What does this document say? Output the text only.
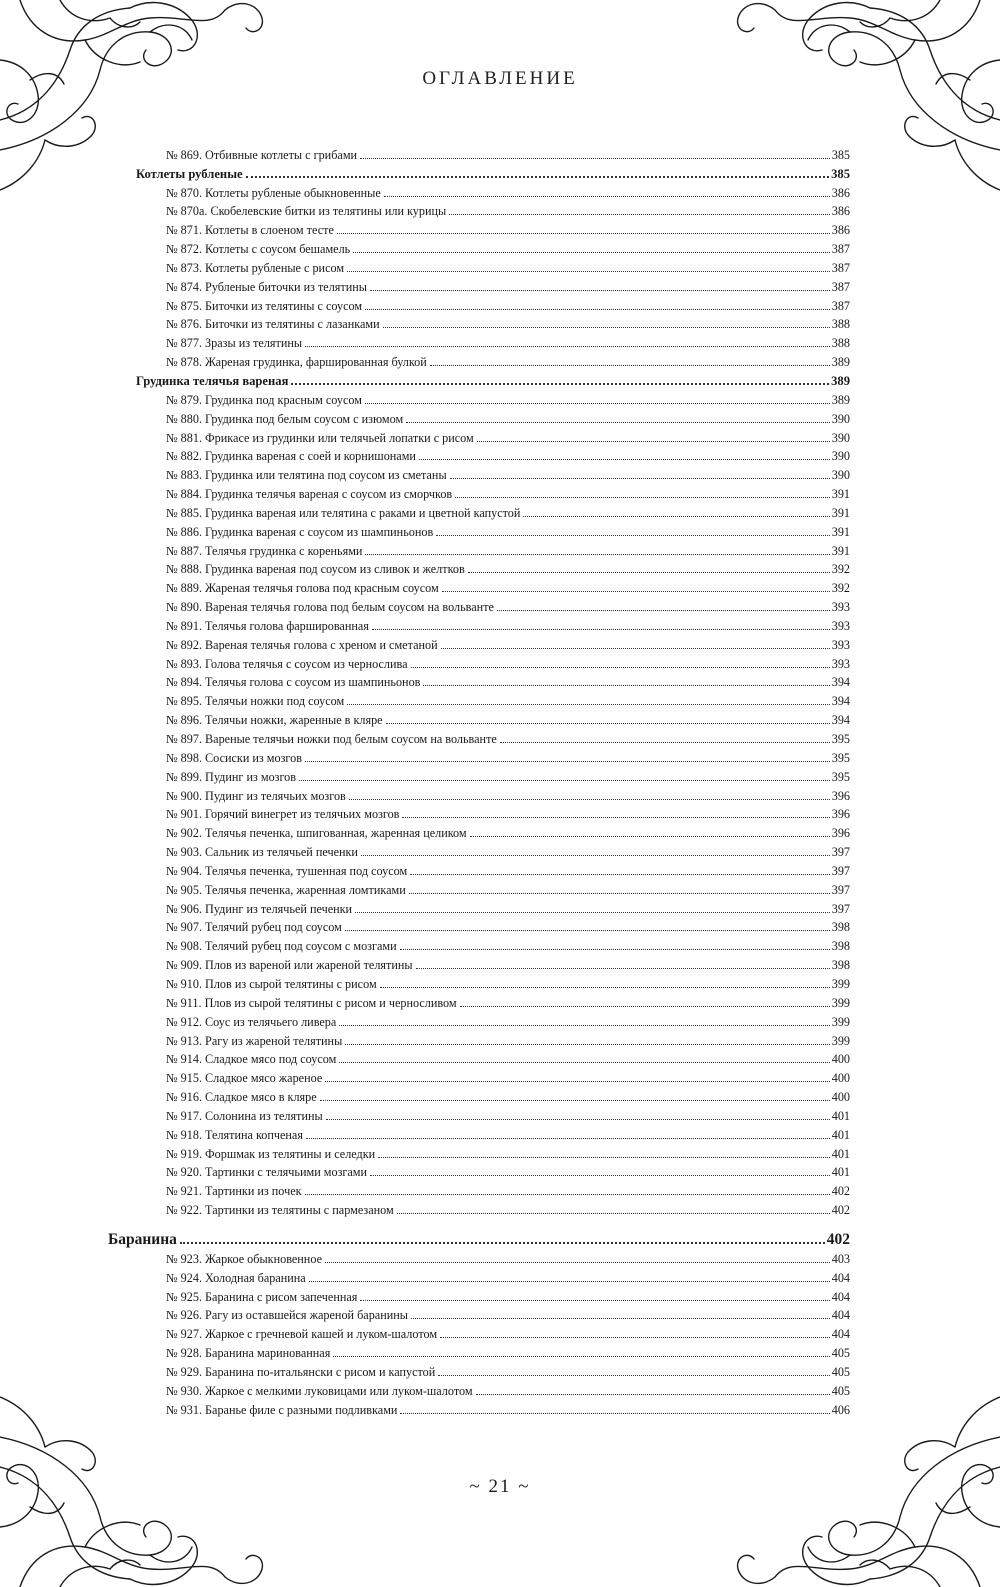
ОГЛАВЛЕНИЕ
№ 869. Отбивные котлеты с грибами	385
Котлеты рубленые	385
№ 870. Котлеты рубленые обыкновенные	386
№ 870а. Скобелевские битки из телятины или курицы	386
№ 871. Котлеты в слоеном тесте	386
№ 872. Котлеты с соусом бешамель	387
№ 873. Котлеты рубленые с рисом	387
№ 874. Рубленые биточки из телятины	387
№ 875. Биточки из телятины с соусом	387
№ 876. Биточки из телятины с лазанками	388
№ 877. Зразы из телятины	388
№ 878. Жареная грудинка, фаршированная булкой	389
Грудинка телячья вареная	389
№ 879. Грудинка под красным соусом	389
№ 880. Грудинка под белым соусом с изюмом	390
№ 881. Фрикасе из грудинки или телячьей лопатки с рисом	390
№ 882. Грудинка вареная с соей и корнишонами	390
№ 883. Грудинка или телятина под соусом из сметаны	390
№ 884. Грудинка телячья вареная с соусом из сморчков	391
№ 885. Грудинка вареная или телятина с раками и цветной капустой	391
№ 886. Грудинка вареная с соусом из шампиньонов	391
№ 887. Телячья грудинка с кореньями	391
№ 888. Грудинка вареная под соусом из сливок и желтков	392
№ 889. Жареная телячья голова под красным соусом	392
№ 890. Вареная телячья голова под белым соусом на вольванте	393
№ 891. Телячья голова фаршированная	393
№ 892. Вареная телячья голова с хреном и сметаной	393
№ 893. Голова телячья с соусом из чернослива	393
№ 894. Телячья голова с соусом из шампиньонов	394
№ 895. Телячьи ножки под соусом	394
№ 896. Телячьи ножки, жаренные в кляре	394
№ 897. Вареные телячьи ножки под белым соусом на вольванте	395
№ 898. Сосиски из мозгов	395
№ 899. Пудинг из мозгов	395
№ 900. Пудинг из телячьих мозгов	396
№ 901. Горячий винегрет из телячьих мозгов	396
№ 902. Телячья печенка, шпигованная, жаренная целиком	396
№ 903. Сальник из телячьей печенки	397
№ 904. Телячья печенка, тушенная под соусом	397
№ 905. Телячья печенка, жаренная ломтиками	397
№ 906. Пудинг из телячьей печенки	397
№ 907. Телячий рубец под соусом	398
№ 908. Телячий рубец под соусом с мозгами	398
№ 909. Плов из вареной или жареной телятины	398
№ 910. Плов из сырой телятины с рисом	399
№ 911. Плов из сырой телятины с рисом и черносливом	399
№ 912. Соус из телячьего ливера	399
№ 913. Рагу из жареной телятины	399
№ 914. Сладкое мясо под соусом	400
№ 915. Сладкое мясо жареное	400
№ 916. Сладкое мясо в кляре	400
№ 917. Солонина из телятины	401
№ 918. Телятина копченая	401
№ 919. Форшмак из телятины и селедки	401
№ 920. Тартинки с телячьими мозгами	401
№ 921. Тартинки из почек	402
№ 922. Тартинки из телятины с пармезаном	402
Баранина	402
№ 923. Жаркое обыкновенное	403
№ 924. Холодная баранина	404
№ 925. Баранина с рисом запеченная	404
№ 926. Рагу из оставшейся жареной баранины	404
№ 927. Жаркое с гречневой кашей и луком-шалотом	404
№ 928. Баранина маринованная	405
№ 929. Баранина по-итальянски с рисом и капустой	405
№ 930. Жаркое с мелкими луковицами или луком-шалотом	405
№ 931. Баранье филе с разными подливками	406
~ 21 ~
